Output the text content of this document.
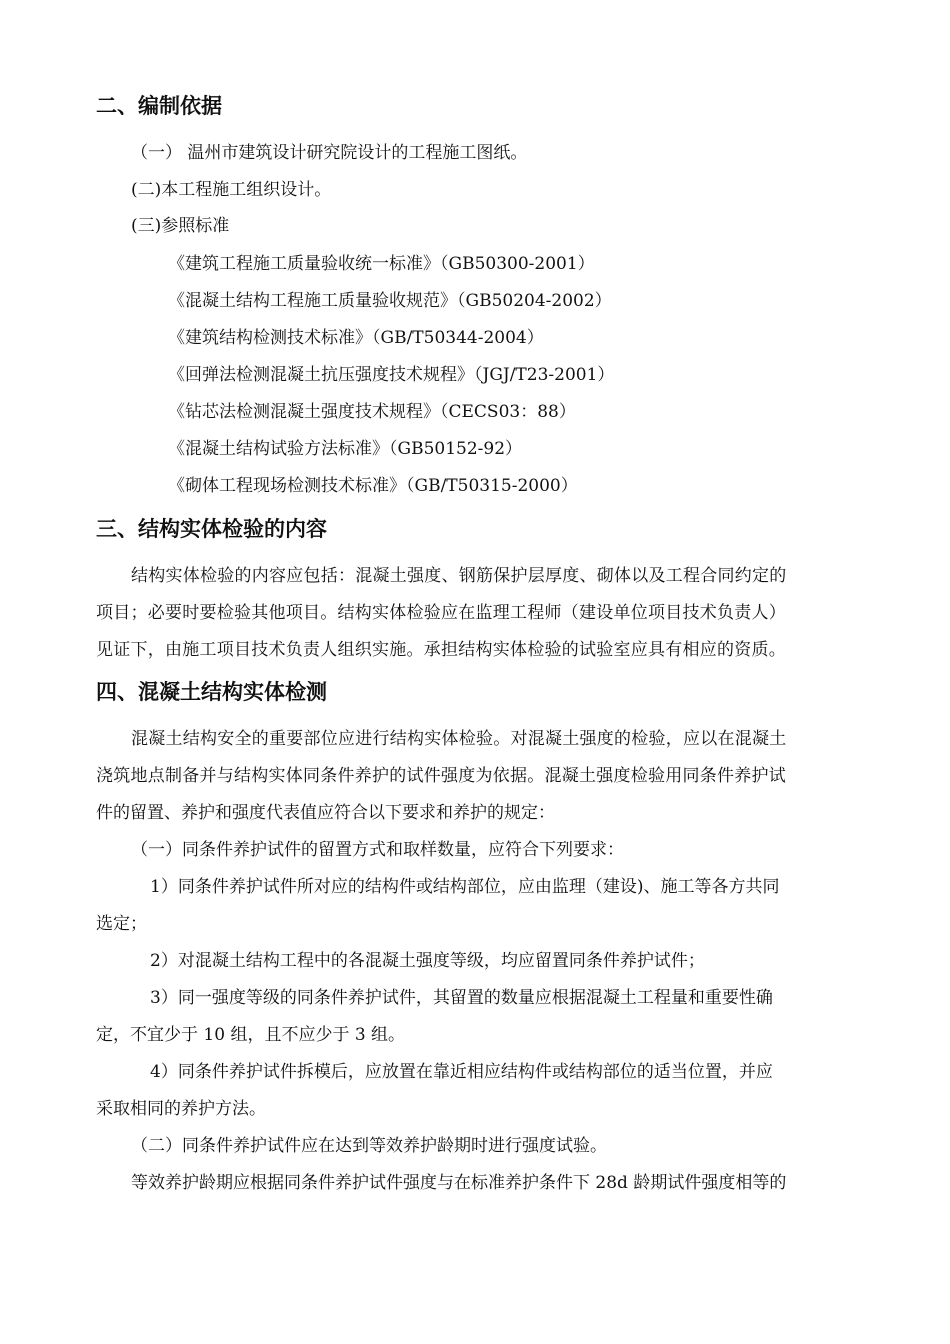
二、编制依据
（一） 温州市建筑设计研究院设计的工程施工图纸。
(二)本工程施工组织设计。
(三)参照标准
《建筑工程施工质量验收统一标准》（GB50300-2001）
《混凝土结构工程施工质量验收规范》（GB50204-2002）
《建筑结构检测技术标准》（GB/T50344-2004）
《回弹法检测混凝土抗压强度技术规程》（JGJ/T23-2001）
《钻芯法检测混凝土强度技术规程》（CECS03：88）
《混凝土结构试验方法标准》（GB50152-92）
《砌体工程现场检测技术标准》（GB/T50315-2000）
三、结构实体检验的内容
结构实体检验的内容应包括：混凝土强度、钢筋保护层厚度、砌体以及工程合同约定的
项目；必要时要检验其他项目。结构实体检验应在监理工程师（建设单位项目技术负责人）
见证下，由施工项目技术负责人组织实施。承担结构实体检验的试验室应具有相应的资质。
四、混凝土结构实体检测
混凝土结构安全的重要部位应进行结构实体检验。对混凝土强度的检验，应以在混凝土
浇筑地点制备并与结构实体同条件养护的试件强度为依据。混凝土强度检验用同条件养护试
件的留置、养护和强度代表值应符合以下要求和养护的规定：
（一）同条件养护试件的留置方式和取样数量，应符合下列要求：
1）同条件养护试件所对应的结构件或结构部位，应由监理（建设)、施工等各方共同
选定；
2）对混凝土结构工程中的各混凝土强度等级，均应留置同条件养护试件；
3）同一强度等级的同条件养护试件，其留置的数量应根据混凝土工程量和重要性确
定，不宜少于 10 组，且不应少于 3 组。
4）同条件养护试件拆模后，应放置在靠近相应结构件或结构部位的适当位置，并应
采取相同的养护方法。
（二）同条件养护试件应在达到等效养护龄期时进行强度试验。
等效养护龄期应根据同条件养护试件强度与在标准养护条件下 28d 龄期试件强度相等的
